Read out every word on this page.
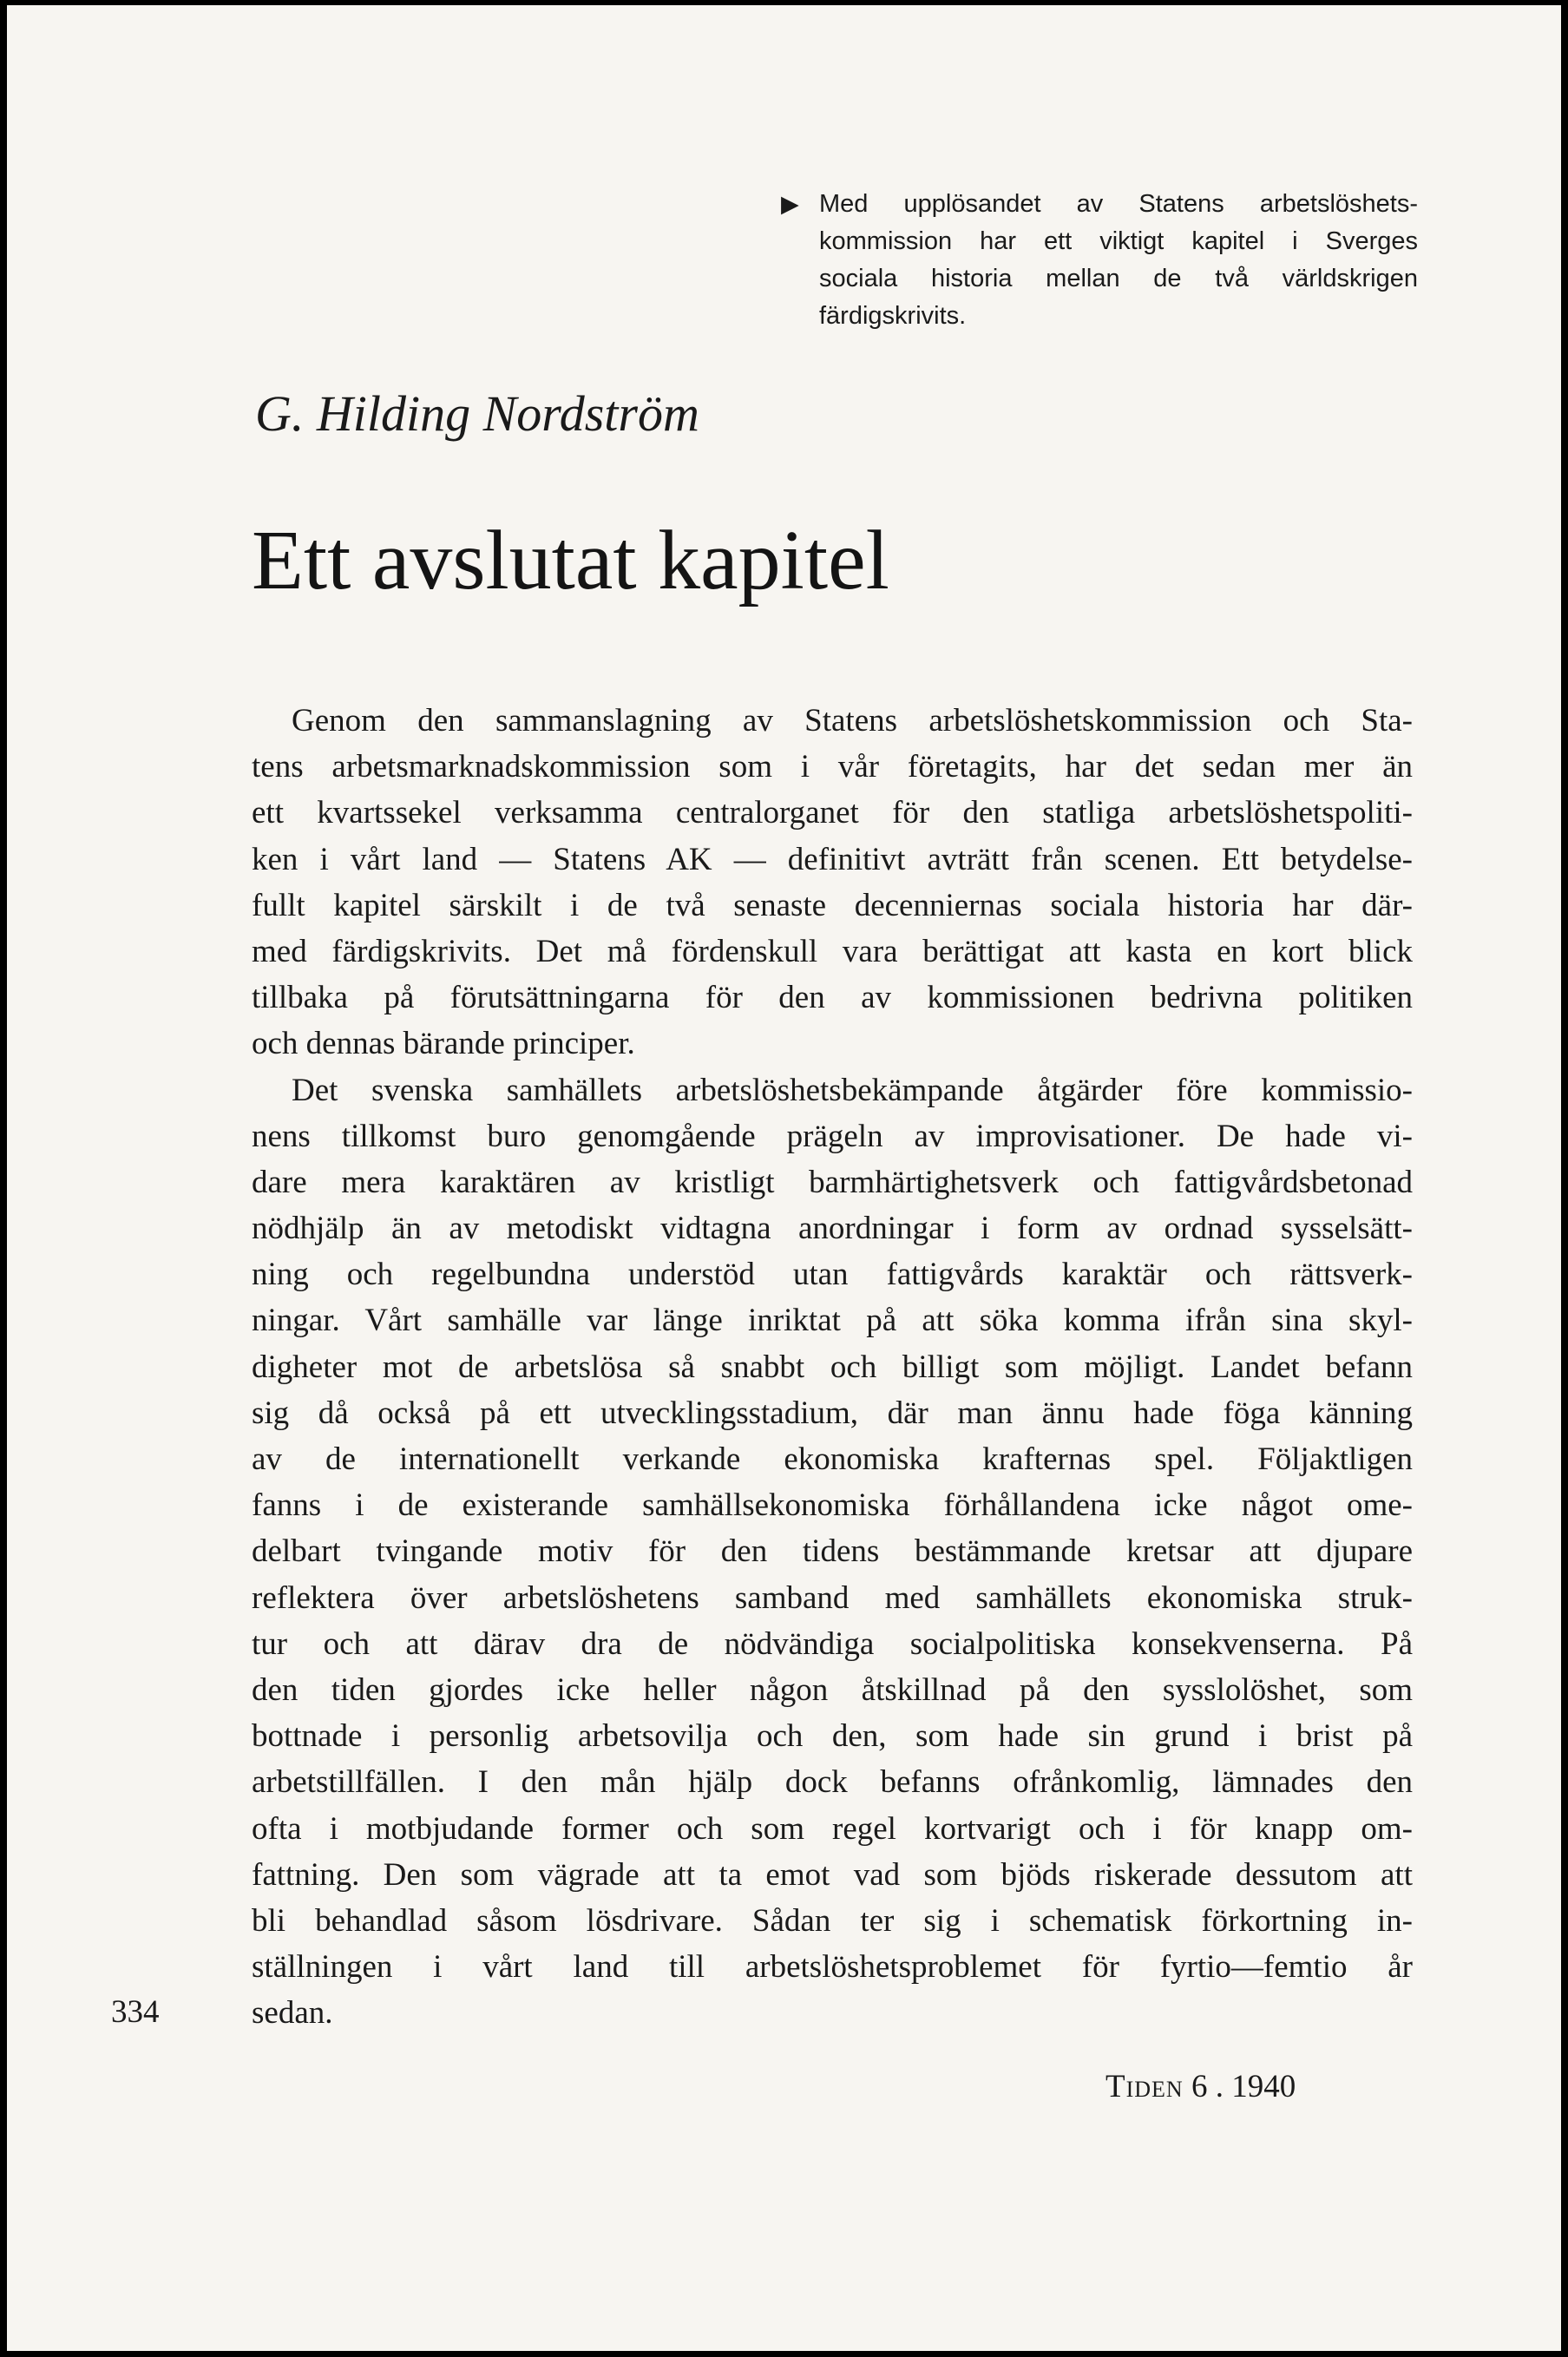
▶ Med upplösandet av Statens arbetslöshets-
kommission har ett viktigt kapitel i Sverges
sociala historia mellan de två världskrigen
färdigskrivits.
G. Hilding Nordström
Ett avslutat kapitel
Genom den sammanslagning av Statens arbetslöshetskommission och Sta-
tens arbetsmarknadskommission som i vår företagits, har det sedan mer än
ett kvartssekel verksamma centralorganet för den statliga arbetslöshetspoliti-
ken i vårt land — Statens AK — definitivt avträtt från scenen. Ett betydelse-
fullt kapitel särskilt i de två senaste decenniernas sociala historia har där-
med färdigskrivits. Det må fördenskull vara berättigat att kasta en kort blick
tillbaka på förutsättningarna för den av kommissionen bedrivna politiken
och dennas bärande principer.
Det svenska samhällets arbetslöshetsbekämpande åtgärder före kommissio-
nens tillkomst buro genomgående prägeln av improvisationer. De hade vi-
dare mera karaktären av kristligt barmhärtighetsverk och fattigvårdsbetonad
nödhjälp än av metodiskt vidtagna anordningar i form av ordnad sysselsätt-
ning och regelbundna understöd utan fattigvårds karaktär och rättsverk-
ningar. Vårt samhälle var länge inriktat på att söka komma ifrån sina skyl-
digheter mot de arbetslösa så snabbt och billigt som möjligt. Landet befann
sig då också på ett utvecklingsstadium, där man ännu hade föga känning
av de internationellt verkande ekonomiska krafternas spel. Följaktligen
fanns i de existerande samhällsekonomiska förhållandena icke något ome-
delbart tvingande motiv för den tidens bestämmande kretsar att djupare
reflektera över arbetslöshetens samband med samhällets ekonomiska struk-
tur och att därav dra de nödvändiga socialpolitiska konsekvenserna. På
den tiden gjordes icke heller någon åtskillnad på den sysslolöshet, som
bottnade i personlig arbetsovilja och den, som hade sin grund i brist på
arbetstillfällen. I den mån hjälp dock befanns ofrånkomlig, lämnades den
ofta i motbjudande former och som regel kortvarigt och i för knapp om-
fattning. Den som vägrade att ta emot vad som bjöds riskerade dessutom att
bli behandlad såsom lösdrivare. Sådan ter sig i schematisk förkortning in-
ställningen i vårt land till arbetslöshetsproblemet för fyrtio—femtio år
sedan.
334
Tiden 6 . 1940
